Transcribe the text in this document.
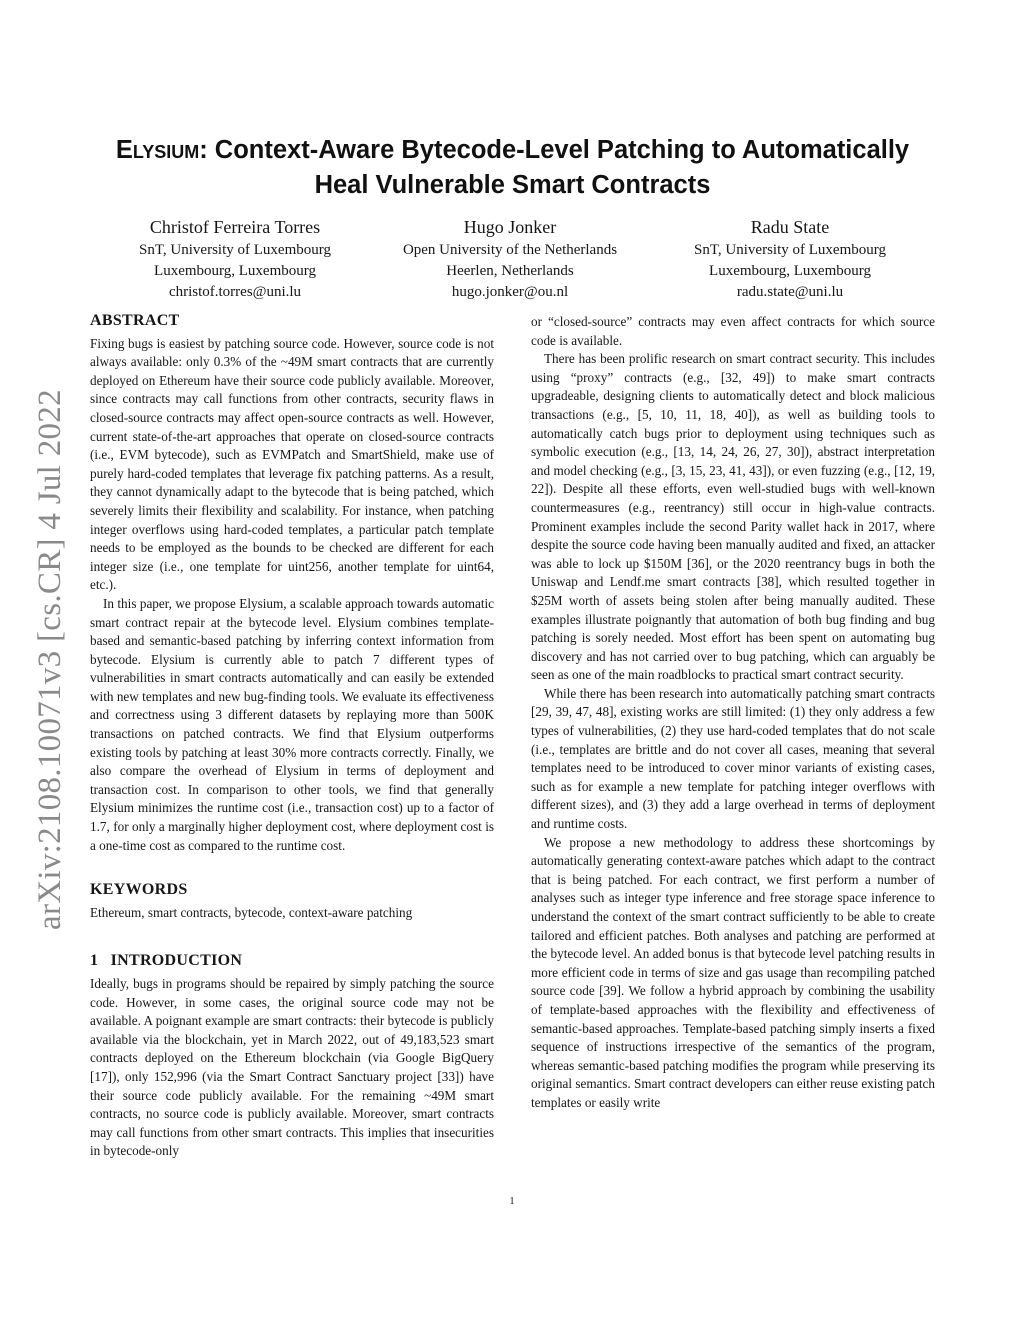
arXiv:2108.10071v3 [cs.CR] 4 Jul 2022
Elysium: Context-Aware Bytecode-Level Patching to Automatically Heal Vulnerable Smart Contracts
Christof Ferreira Torres
SnT, University of Luxembourg
Luxembourg, Luxembourg
christof.torres@uni.lu
Hugo Jonker
Open University of the Netherlands
Heerlen, Netherlands
hugo.jonker@ou.nl
Radu State
SnT, University of Luxembourg
Luxembourg, Luxembourg
radu.state@uni.lu
ABSTRACT

Fixing bugs is easiest by patching source code. However, source code is not always available: only 0.3% of the ~49M smart contracts that are currently deployed on Ethereum have their source code publicly available. Moreover, since contracts may call functions from other contracts, security flaws in closed-source contracts may affect open-source contracts as well. However, current state-of-the-art approaches that operate on closed-source contracts (i.e., EVM bytecode), such as EVMPatch and SmartShield, make use of purely hard-coded templates that leverage fix patching patterns. As a result, they cannot dynamically adapt to the bytecode that is being patched, which severely limits their flexibility and scalability. For instance, when patching integer overflows using hard-coded templates, a particular patch template needs to be employed as the bounds to be checked are different for each integer size (i.e., one template for uint256, another template for uint64, etc.).

In this paper, we propose Elysium, a scalable approach towards automatic smart contract repair at the bytecode level. Elysium combines template-based and semantic-based patching by inferring context information from bytecode. Elysium is currently able to patch 7 different types of vulnerabilities in smart contracts automatically and can easily be extended with new templates and new bug-finding tools. We evaluate its effectiveness and correctness using 3 different datasets by replaying more than 500K transactions on patched contracts. We find that Elysium outperforms existing tools by patching at least 30% more contracts correctly. Finally, we also compare the overhead of Elysium in terms of deployment and transaction cost. In comparison to other tools, we find that generally Elysium minimizes the runtime cost (i.e., transaction cost) up to a factor of 1.7, for only a marginally higher deployment cost, where deployment cost is a one-time cost as compared to the runtime cost.

KEYWORDS

Ethereum, smart contracts, bytecode, context-aware patching

1 INTRODUCTION

Ideally, bugs in programs should be repaired by simply patching the source code. However, in some cases, the original source code may not be available. A poignant example are smart contracts: their bytecode is publicly available via the blockchain, yet in March 2022, out of 49,183,523 smart contracts deployed on the Ethereum blockchain (via Google BigQuery [17]), only 152,996 (via the Smart Contract Sanctuary project [33]) have their source code publicly available. For the remaining ~49M smart contracts, no source code is publicly available. Moreover, smart contracts may call functions from other smart contracts. This implies that insecurities in bytecode-only

or “closed-source” contracts may even affect contracts for which source code is available.

There has been prolific research on smart contract security. This includes using “proxy” contracts (e.g., [32, 49]) to make smart contracts upgradeable, designing clients to automatically detect and block malicious transactions (e.g., [5, 10, 11, 18, 40]), as well as building tools to automatically catch bugs prior to deployment using techniques such as symbolic execution (e.g., [13, 14, 24, 26, 27, 30]), abstract interpretation and model checking (e.g., [3, 15, 23, 41, 43]), or even fuzzing (e.g., [12, 19, 22]). Despite all these efforts, even well-studied bugs with well-known countermeasures (e.g., reentrancy) still occur in high-value contracts. Prominent examples include the second Parity wallet hack in 2017, where despite the source code having been manually audited and fixed, an attacker was able to lock up $150M [36], or the 2020 reentrancy bugs in both the Uniswap and Lendf.me smart contracts [38], which resulted together in $25M worth of assets being stolen after being manually audited. These examples illustrate poignantly that automation of both bug finding and bug patching is sorely needed. Most effort has been spent on automating bug discovery and has not carried over to bug patching, which can arguably be seen as one of the main roadblocks to practical smart contract security.

While there has been research into automatically patching smart contracts [29, 39, 47, 48], existing works are still limited: (1) they only address a few types of vulnerabilities, (2) they use hard-coded templates that do not scale (i.e., templates are brittle and do not cover all cases, meaning that several templates need to be introduced to cover minor variants of existing cases, such as for example a new template for patching integer overflows with different sizes), and (3) they add a large overhead in terms of deployment and runtime costs.

We propose a new methodology to address these shortcomings by automatically generating context-aware patches which adapt to the contract that is being patched. For each contract, we first perform a number of analyses such as integer type inference and free storage space inference to understand the context of the smart contract sufficiently to be able to create tailored and efficient patches. Both analyses and patching are performed at the bytecode level. An added bonus is that bytecode level patching results in more efficient code in terms of size and gas usage than recompiling patched source code [39]. We follow a hybrid approach by combining the usability of template-based approaches with the flexibility and effectiveness of semantic-based approaches. Template-based patching simply inserts a fixed sequence of instructions irrespective of the semantics of the program, whereas semantic-based patching modifies the program while preserving its original semantics. Smart contract developers can either reuse existing patch templates or easily write

1
